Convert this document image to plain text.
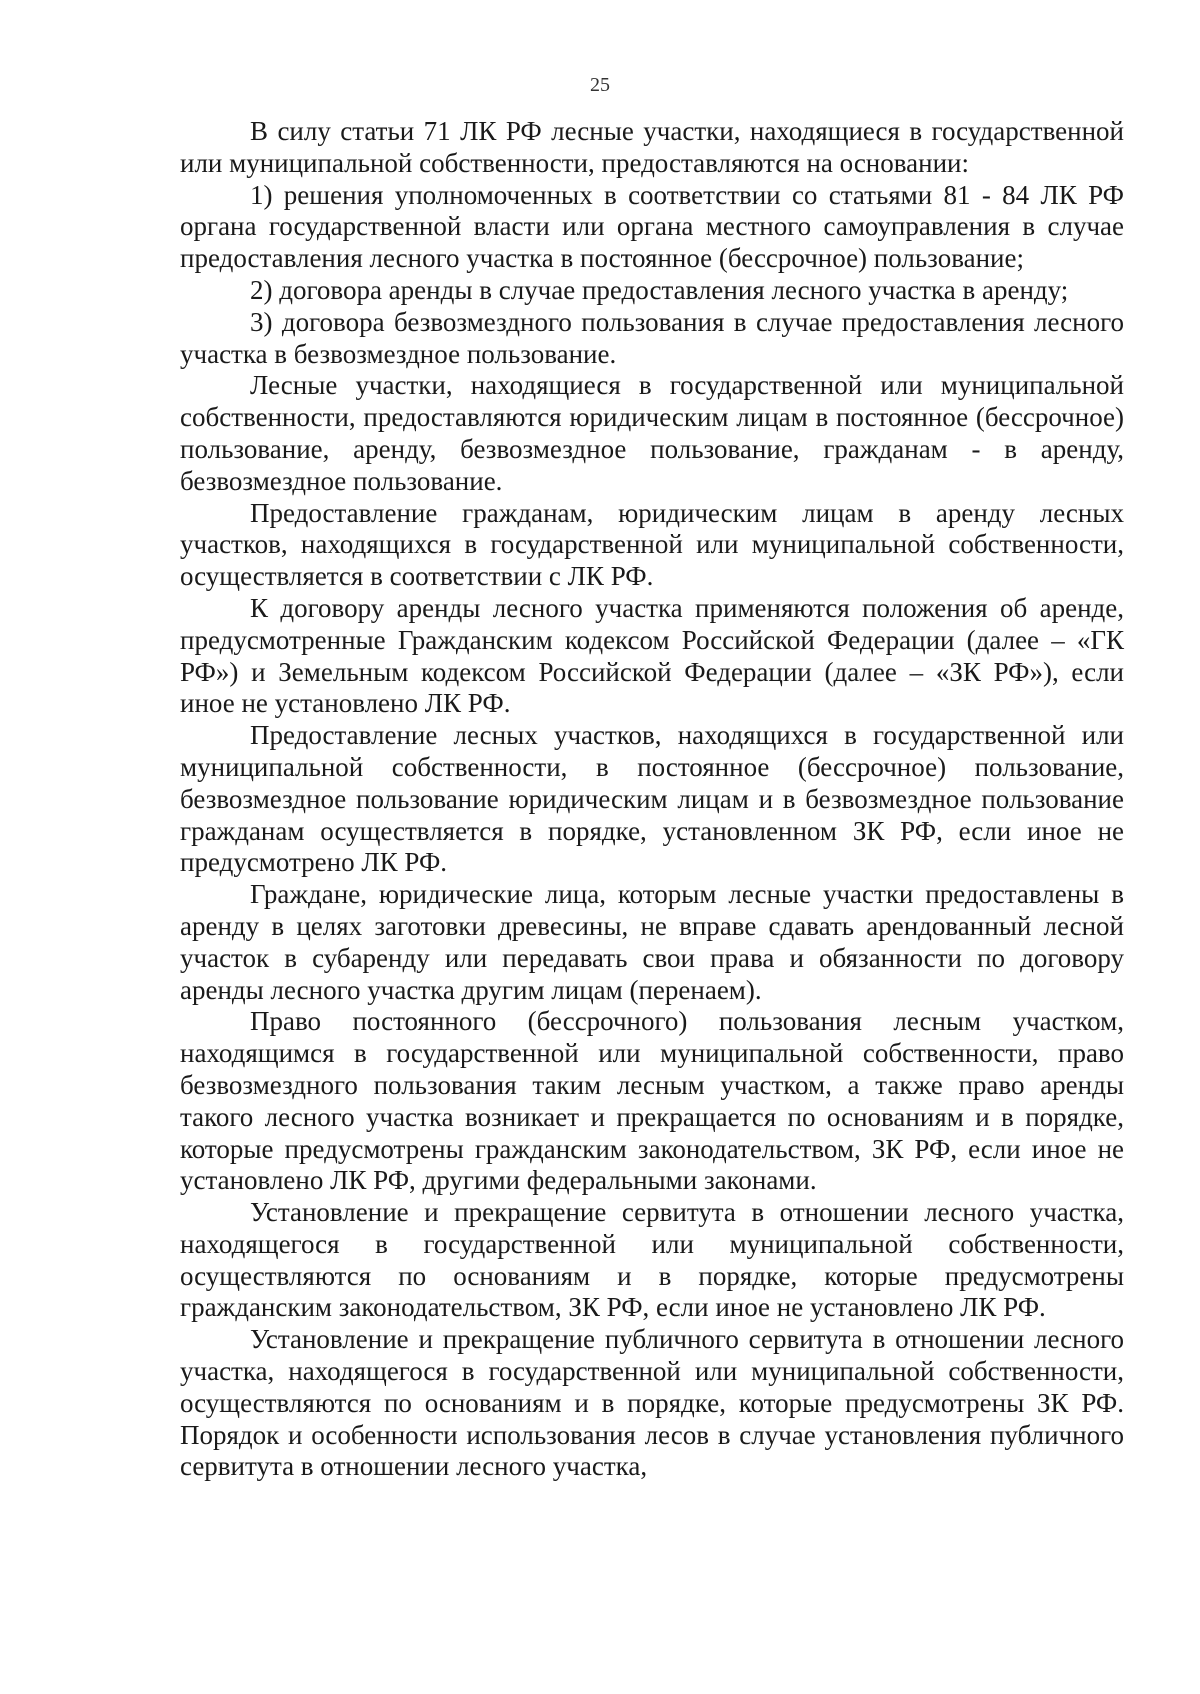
25

В силу статьи 71 ЛК РФ лесные участки, находящиеся в государственной или муниципальной собственности, предоставляются на основании:

1) решения уполномоченных в соответствии со статьями 81 - 84 ЛК РФ органа государственной власти или органа местного самоуправления в случае предоставления лесного участка в постоянное (бессрочное) пользование;

2) договора аренды в случае предоставления лесного участка в аренду;

3) договора безвозмездного пользования в случае предоставления лесного участка в безвозмездное пользование.

Лесные участки, находящиеся в государственной или муниципальной собственности, предоставляются юридическим лицам в постоянное (бессрочное) пользование, аренду, безвозмездное пользование, гражданам - в аренду, безвозмездное пользование.

Предоставление гражданам, юридическим лицам в аренду лесных участков, находящихся в государственной или муниципальной собственности, осуществляется в соответствии с ЛК РФ.

К договору аренды лесного участка применяются положения об аренде, предусмотренные Гражданским кодексом Российской Федерации (далее – «ГК РФ») и Земельным кодексом Российской Федерации (далее – «ЗК РФ»), если иное не установлено ЛК РФ.

Предоставление лесных участков, находящихся в государственной или муниципальной собственности, в постоянное (бессрочное) пользование, безвозмездное пользование юридическим лицам и в безвозмездное пользование гражданам осуществляется в порядке, установленном ЗК РФ, если иное не предусмотрено ЛК РФ.

Граждане, юридические лица, которым лесные участки предоставлены в аренду в целях заготовки древесины, не вправе сдавать арендованный лесной участок в субаренду или передавать свои права и обязанности по договору аренды лесного участка другим лицам (перенаем).

Право постоянного (бессрочного) пользования лесным участком, находящимся в государственной или муниципальной собственности, право безвозмездного пользования таким лесным участком, а также право аренды такого лесного участка возникает и прекращается по основаниям и в порядке, которые предусмотрены гражданским законодательством, ЗК РФ, если иное не установлено ЛК РФ, другими федеральными законами.

Установление и прекращение сервитута в отношении лесного участка, находящегося в государственной или муниципальной собственности, осуществляются по основаниям и в порядке, которые предусмотрены гражданским законодательством, ЗК РФ, если иное не установлено ЛК РФ.

Установление и прекращение публичного сервитута в отношении лесного участка, находящегося в государственной или муниципальной собственности, осуществляются по основаниям и в порядке, которые предусмотрены ЗК РФ. Порядок и особенности использования лесов в случае установления публичного сервитута в отношении лесного участка,
